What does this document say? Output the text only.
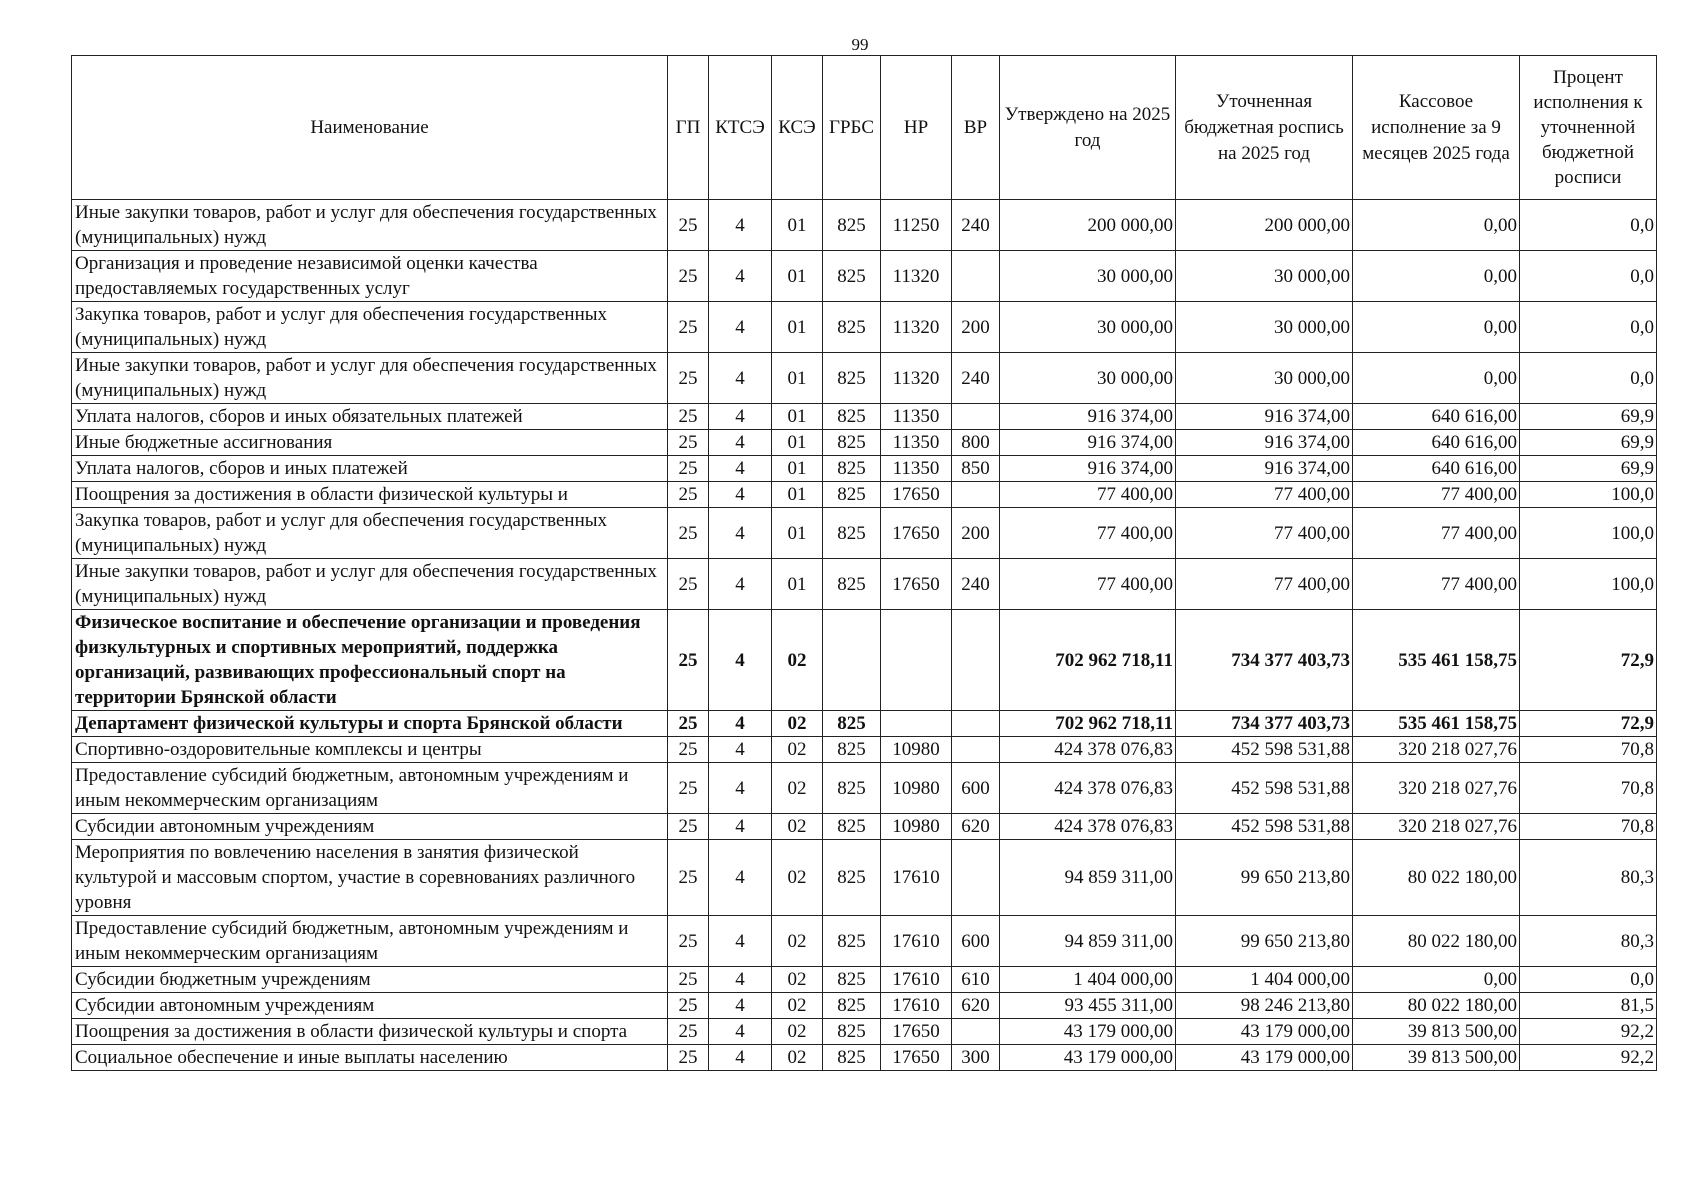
99
Наименование	ГП	КТСЭ	КСЭ	ГРБС	НР	ВР	Утверждено на 2025 год	Уточненная бюджетная роспись на 2025 год	Кассовое исполнение за 9 месяцев 2025 года	Процент исполнения к уточненной бюджетной росписи
Иные закупки товаров, работ и услуг для обеспечения государственных (муниципальных) нужд	25	4	01	825	11250	240	200 000,00	200 000,00	0,00	0,0
Организация и проведение независимой оценки качества предоставляемых государственных услуг	25	4	01	825	11320		30 000,00	30 000,00	0,00	0,0
Закупка товаров, работ и услуг для обеспечения государственных (муниципальных) нужд	25	4	01	825	11320	200	30 000,00	30 000,00	0,00	0,0
Иные закупки товаров, работ и услуг для обеспечения государственных (муниципальных) нужд	25	4	01	825	11320	240	30 000,00	30 000,00	0,00	0,0
Уплата налогов, сборов и иных обязательных платежей	25	4	01	825	11350		916 374,00	916 374,00	640 616,00	69,9
Иные бюджетные ассигнования	25	4	01	825	11350	800	916 374,00	916 374,00	640 616,00	69,9
Уплата налогов, сборов и иных платежей	25	4	01	825	11350	850	916 374,00	916 374,00	640 616,00	69,9
Поощрения за достижения в области физической культуры и	25	4	01	825	17650		77 400,00	77 400,00	77 400,00	100,0
Закупка товаров, работ и услуг для обеспечения государственных (муниципальных) нужд	25	4	01	825	17650	200	77 400,00	77 400,00	77 400,00	100,0
Иные закупки товаров, работ и услуг для обеспечения государственных (муниципальных) нужд	25	4	01	825	17650	240	77 400,00	77 400,00	77 400,00	100,0
Физическое воспитание и обеспечение организации и проведения физкультурных и спортивных мероприятий, поддержка организаций, развивающих профессиональный спорт на территории Брянской области	25	4	02				702 962 718,11	734 377 403,73	535 461 158,75	72,9
Департамент физической культуры и спорта Брянской области	25	4	02	825			702 962 718,11	734 377 403,73	535 461 158,75	72,9
Спортивно-оздоровительные комплексы и центры	25	4	02	825	10980		424 378 076,83	452 598 531,88	320 218 027,76	70,8
Предоставление субсидий бюджетным, автономным учреждениям и иным некоммерческим организациям	25	4	02	825	10980	600	424 378 076,83	452 598 531,88	320 218 027,76	70,8
Субсидии автономным учреждениям	25	4	02	825	10980	620	424 378 076,83	452 598 531,88	320 218 027,76	70,8
Мероприятия по вовлечению населения в занятия физической культурой и массовым спортом, участие в соревнованиях различного уровня	25	4	02	825	17610		94 859 311,00	99 650 213,80	80 022 180,00	80,3
Предоставление субсидий бюджетным, автономным учреждениям и иным некоммерческим организациям	25	4	02	825	17610	600	94 859 311,00	99 650 213,80	80 022 180,00	80,3
Субсидии бюджетным учреждениям	25	4	02	825	17610	610	1 404 000,00	1 404 000,00	0,00	0,0
Субсидии автономным учреждениям	25	4	02	825	17610	620	93 455 311,00	98 246 213,80	80 022 180,00	81,5
Поощрения за достижения в области физической культуры и спорта	25	4	02	825	17650		43 179 000,00	43 179 000,00	39 813 500,00	92,2
Социальное обеспечение и иные выплаты населению	25	4	02	825	17650	300	43 179 000,00	43 179 000,00	39 813 500,00	92,2
